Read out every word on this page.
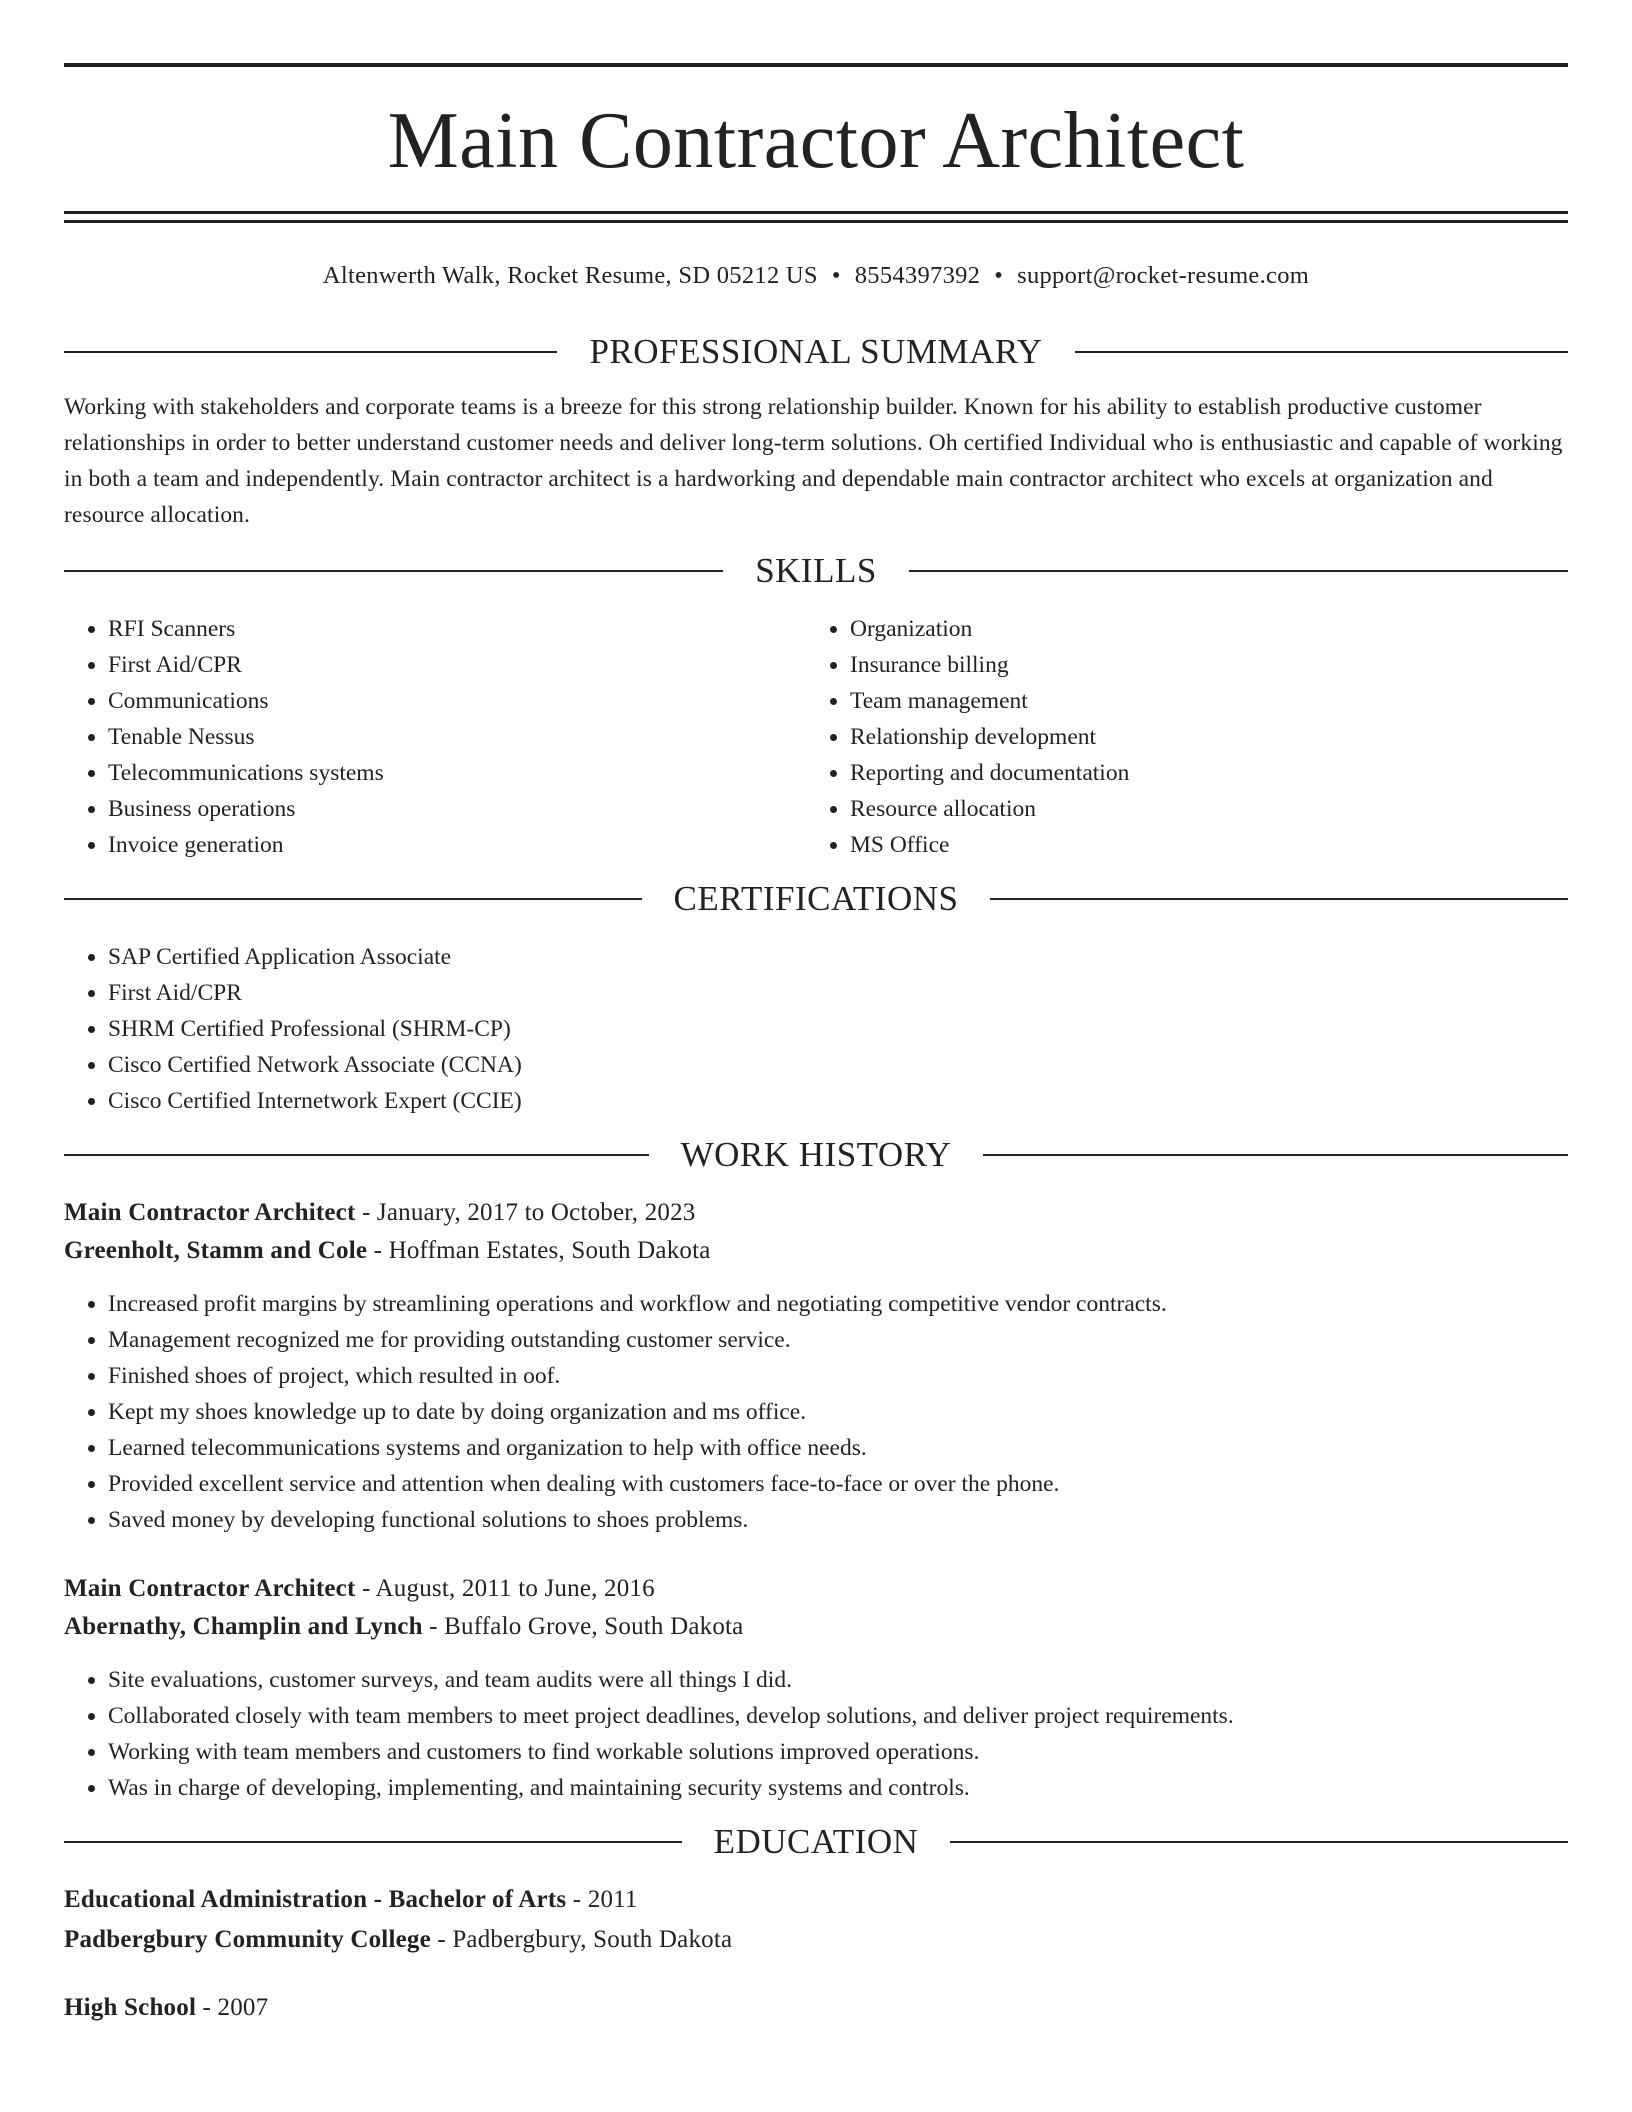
Main Contractor Architect
Altenwerth Walk, Rocket Resume, SD 05212 US • 8554397392 • support@rocket-resume.com
PROFESSIONAL SUMMARY

Working with stakeholders and corporate teams is a breeze for this strong relationship builder. Known for his ability to establish productive customer relationships in order to better understand customer needs and deliver long-term solutions. Oh certified Individual who is enthusiastic and capable of working in both a team and independently. Main contractor architect is a hardworking and dependable main contractor architect who excels at organization and resource allocation.

SKILLS
• RFI Scanners
• First Aid/CPR
• Communications
• Tenable Nessus
• Telecommunications systems
• Business operations
• Invoice generation
• Organization
• Insurance billing
• Team management
• Relationship development
• Reporting and documentation
• Resource allocation
• MS Office
CERTIFICATIONS
• SAP Certified Application Associate
• First Aid/CPR
• SHRM Certified Professional (SHRM-CP)
• Cisco Certified Network Associate (CCNA)
• Cisco Certified Internetwork Expert (CCIE)
WORK HISTORY
Main Contractor Architect - January, 2017 to October, 2023
Greenholt, Stamm and Cole - Hoffman Estates, South Dakota
• Increased profit margins by streamlining operations and workflow and negotiating competitive vendor contracts.
• Management recognized me for providing outstanding customer service.
• Finished shoes of project, which resulted in oof.
• Kept my shoes knowledge up to date by doing organization and ms office.
• Learned telecommunications systems and organization to help with office needs.
• Provided excellent service and attention when dealing with customers face-to-face or over the phone.
• Saved money by developing functional solutions to shoes problems.
Main Contractor Architect - August, 2011 to June, 2016
Abernathy, Champlin and Lynch - Buffalo Grove, South Dakota
• Site evaluations, customer surveys, and team audits were all things I did.
• Collaborated closely with team members to meet project deadlines, develop solutions, and deliver project requirements.
• Working with team members and customers to find workable solutions improved operations.
• Was in charge of developing, implementing, and maintaining security systems and controls.
EDUCATION
Educational Administration - Bachelor of Arts - 2011
Padbergbury Community College - Padbergbury, South Dakota
High School - 2007
